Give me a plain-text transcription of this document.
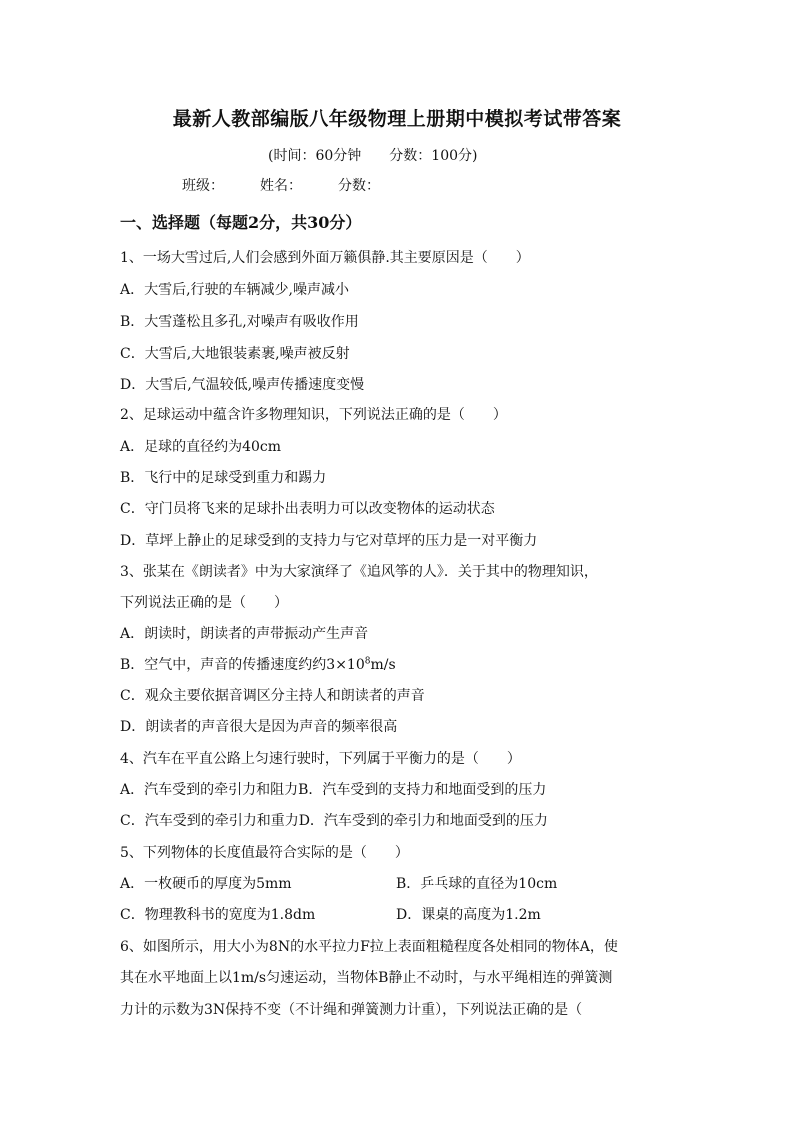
最新人教部编版八年级物理上册期中模拟考试带答案
(时间：60分钟 分数：100分)
班级：	姓名：	分数：
一、选择题（每题2分，共30分）
1、一场大雪过后,人们会感到外面万籁俱静.其主要原因是（　　）
A．大雪后,行驶的车辆减少,噪声减小
B．大雪蓬松且多孔,对噪声有吸收作用
C．大雪后,大地银装素裹,噪声被反射
D．大雪后,气温较低,噪声传播速度变慢
2、足球运动中蕴含许多物理知识，下列说法正确的是（　　）
A．足球的直径约为40cm
B．飞行中的足球受到重力和踢力
C．守门员将飞来的足球扑出表明力可以改变物体的运动状态
D．草坪上静止的足球受到的支持力与它对草坪的压力是一对平衡力
3、张某在《朗读者》中为大家演绎了《追风筝的人》．关于其中的物理知识，
下列说法正确的是（　　）
A．朗读时，朗读者的声带振动产生声音
B．空气中，声音的传播速度约约$3\times 10^8m/s$
C．观众主要依据音调区分主持人和朗读者的声音
D．朗读者的声音很大是因为声音的频率很高
4、汽车在平直公路上匀速行驶时，下列属于平衡力的是（　　）
A．汽车受到的牵引力和阻力B．汽车受到的支持力和地面受到的压力
C．汽车受到的牵引力和重力D．汽车受到的牵引力和地面受到的压力
5、下列物体的长度值最符合实际的是（　　）
A．一枚硬币的厚度为5mm	B．乒乓球的直径为10cm
C．物理教科书的宽度为1.8dm	D．课桌的高度为1.2m
6、如图所示，用大小为8N的水平拉力F拉上表面粗糙程度各处相同的物体A，使
其在水平地面上以1m/s匀速运动，当物体B静止不动时，与水平绳相连的弹簧测
力计的示数为3N保持不变（不计绳和弹簧测力计重），下列说法正确的是（
